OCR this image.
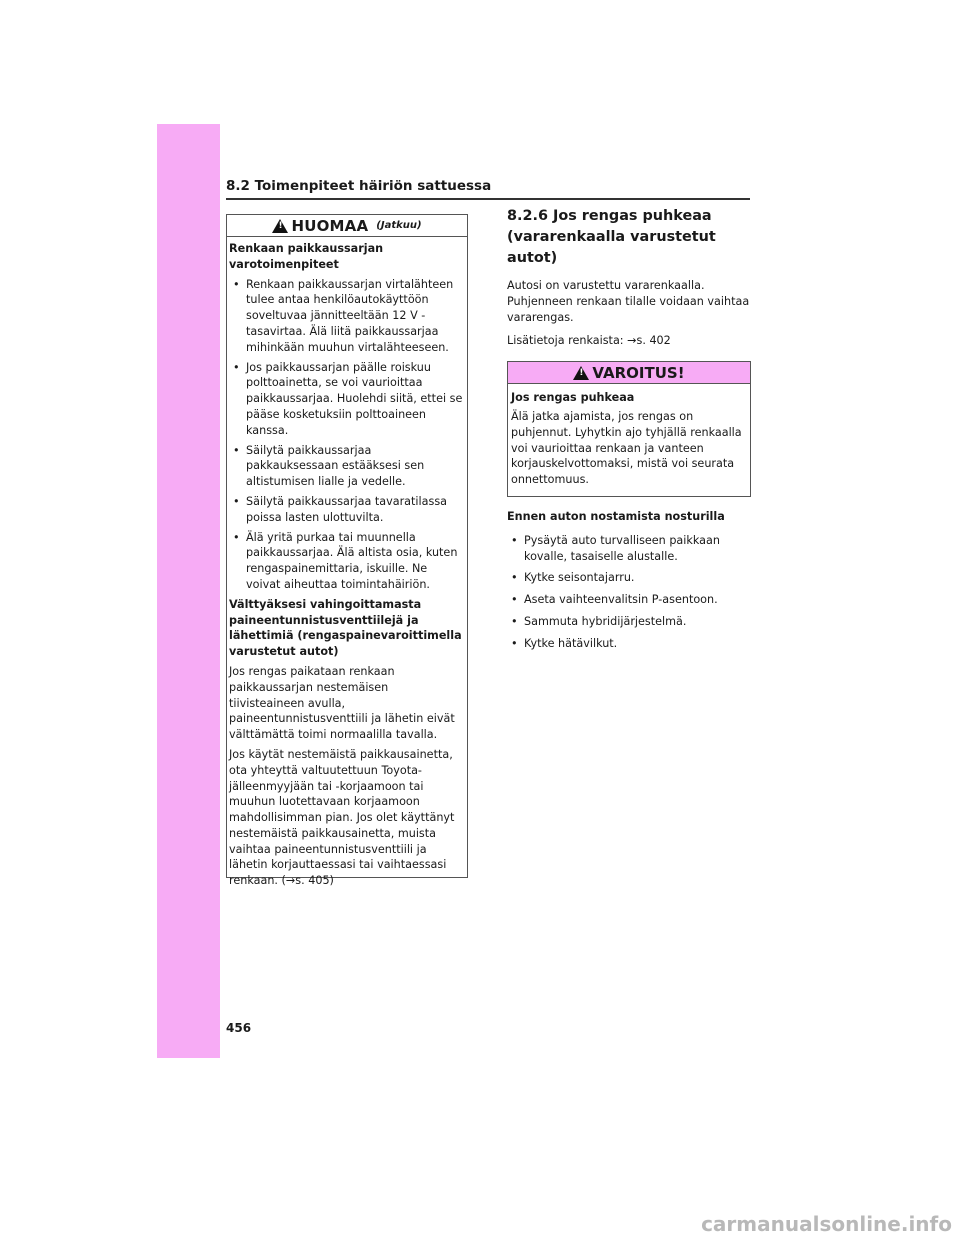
8.2 Toimenpiteet häiriön sattuessa
!
HUOMAA (Jatkuu)

Renkaan paikkaussarjan varotoimenpiteet

• Renkaan paikkaussarjan virtalähteen tulee antaa henkilöautokäyttöön soveltuvaa jännitteeltään 12 V -tasavirtaa. Älä liitä paikkaussarjaa mihinkään muuhun virtalähteeseen.
• Jos paikkaussarjan päälle roiskuu polttoainetta, se voi vaurioittaa paikkaussarjaa. Huolehdi siitä, ettei se pääse kosketuksiin polttoaineen kanssa.
• Säilytä paikkaussarjaa pakkauksessaan estääksesi sen altistumisen lialle ja vedelle.
• Säilytä paikkaussarjaa tavaratilassa poissa lasten ulottuvilta.
• Älä yritä purkaa tai muunnella paikkaussarjaa. Älä altista osia, kuten rengaspainemittaria, iskuille. Ne voivat aiheuttaa toimintahäiriön.

Välttyäksesi vahingoittamasta paineentunnistusventtiilejä ja lähettimiä (rengaspainevaroittimella varustetut autot)

Jos rengas paikataan renkaan paikkaussarjan nestemäisen tiivisteaineen avulla, paineentunnistusventtiili ja lähetin eivät välttämättä toimi normaalilla tavalla.

Jos käytät nestemäistä paikkausainetta, ota yhteyttä valtuutettuun Toyota-jälleenmyyjään tai -korjaamoon tai muuhun luotettavaan korjaamoon mahdollisimman pian. Jos olet käyttänyt nestemäistä paikkausainetta, muista vaihtaa paineentunnistusventtiili ja lähetin korjauttaessasi tai vaihtaessasi renkaan. (→s. 405)

8.2.6 Jos rengas puhkeaa (vararenkaalla varustetut autot)

Autosi on varustettu vararenkaalla. Puhjenneen renkaan tilalle voidaan vaihtaa vararengas.

Lisätietoja renkaista: →s. 402

!
VAROITUS!

Jos rengas puhkeaa

Älä jatka ajamista, jos rengas on puhjennut. Lyhytkin ajo tyhjällä renkaalla voi vaurioittaa renkaan ja vanteen korjauskelvottomaksi, mistä voi seurata onnettomuus.

Ennen auton nostamista nosturilla

• Pysäytä auto turvalliseen paikkaan kovalle, tasaiselle alustalle.
• Kytke seisontajarru.
• Aseta vaihteenvalitsin P-asentoon.
• Sammuta hybridijärjestelmä.
• Kytke hätävilkut.
456
carmanualsonline.info
